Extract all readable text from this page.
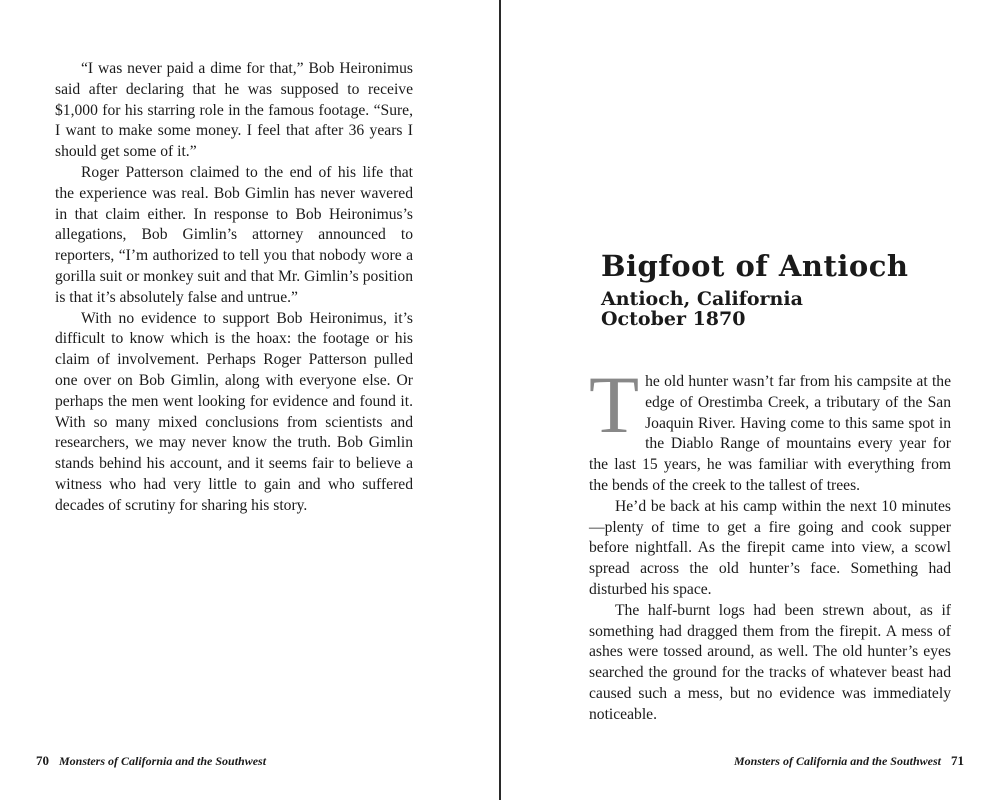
“I was never paid a dime for that,” Bob Heironimus said after declaring that he was supposed to receive $1,000 for his starring role in the famous footage. “Sure, I want to make some money. I feel that after 36 years I should get some of it.”

Roger Patterson claimed to the end of his life that the experience was real. Bob Gimlin has never wavered in that claim either. In response to Bob Heironimus’s allegations, Bob Gimlin’s attorney announced to reporters, “I’m authorized to tell you that nobody wore a gorilla suit or monkey suit and that Mr. Gimlin’s position is that it’s absolutely false and untrue.”

With no evidence to support Bob Heironimus, it’s difficult to know which is the hoax: the footage or his claim of involvement. Perhaps Roger Patterson pulled one over on Bob Gimlin, along with everyone else. Or perhaps the men went looking for evidence and found it. With so many mixed conclusions from scientists and researchers, we may never know the truth. Bob Gimlin stands behind his account, and it seems fair to believe a witness who had very little to gain and who suffered decades of scrutiny for sharing his story.

70 Monsters of California and the Southwest
Bigfoot of Antioch
Antioch, California
October 1870

The old hunter wasn’t far from his campsite at the edge of Orestimba Creek, a tributary of the San Joaquin River. Having come to this same spot in the Diablo Range of mountains every year for the last 15 years, he was familiar with everything from the bends of the creek to the tallest of trees.

He’d be back at his camp within the next 10 minutes—plenty of time to get a fire going and cook supper before nightfall. As the firepit came into view, a scowl spread across the old hunter’s face. Something had disturbed his space.

The half-burnt logs had been strewn about, as if something had dragged them from the firepit. A mess of ashes were tossed around, as well. The old hunter’s eyes searched the ground for the tracks of whatever beast had caused such a mess, but no evidence was immediately noticeable.

Monsters of California and the Southwest 71
